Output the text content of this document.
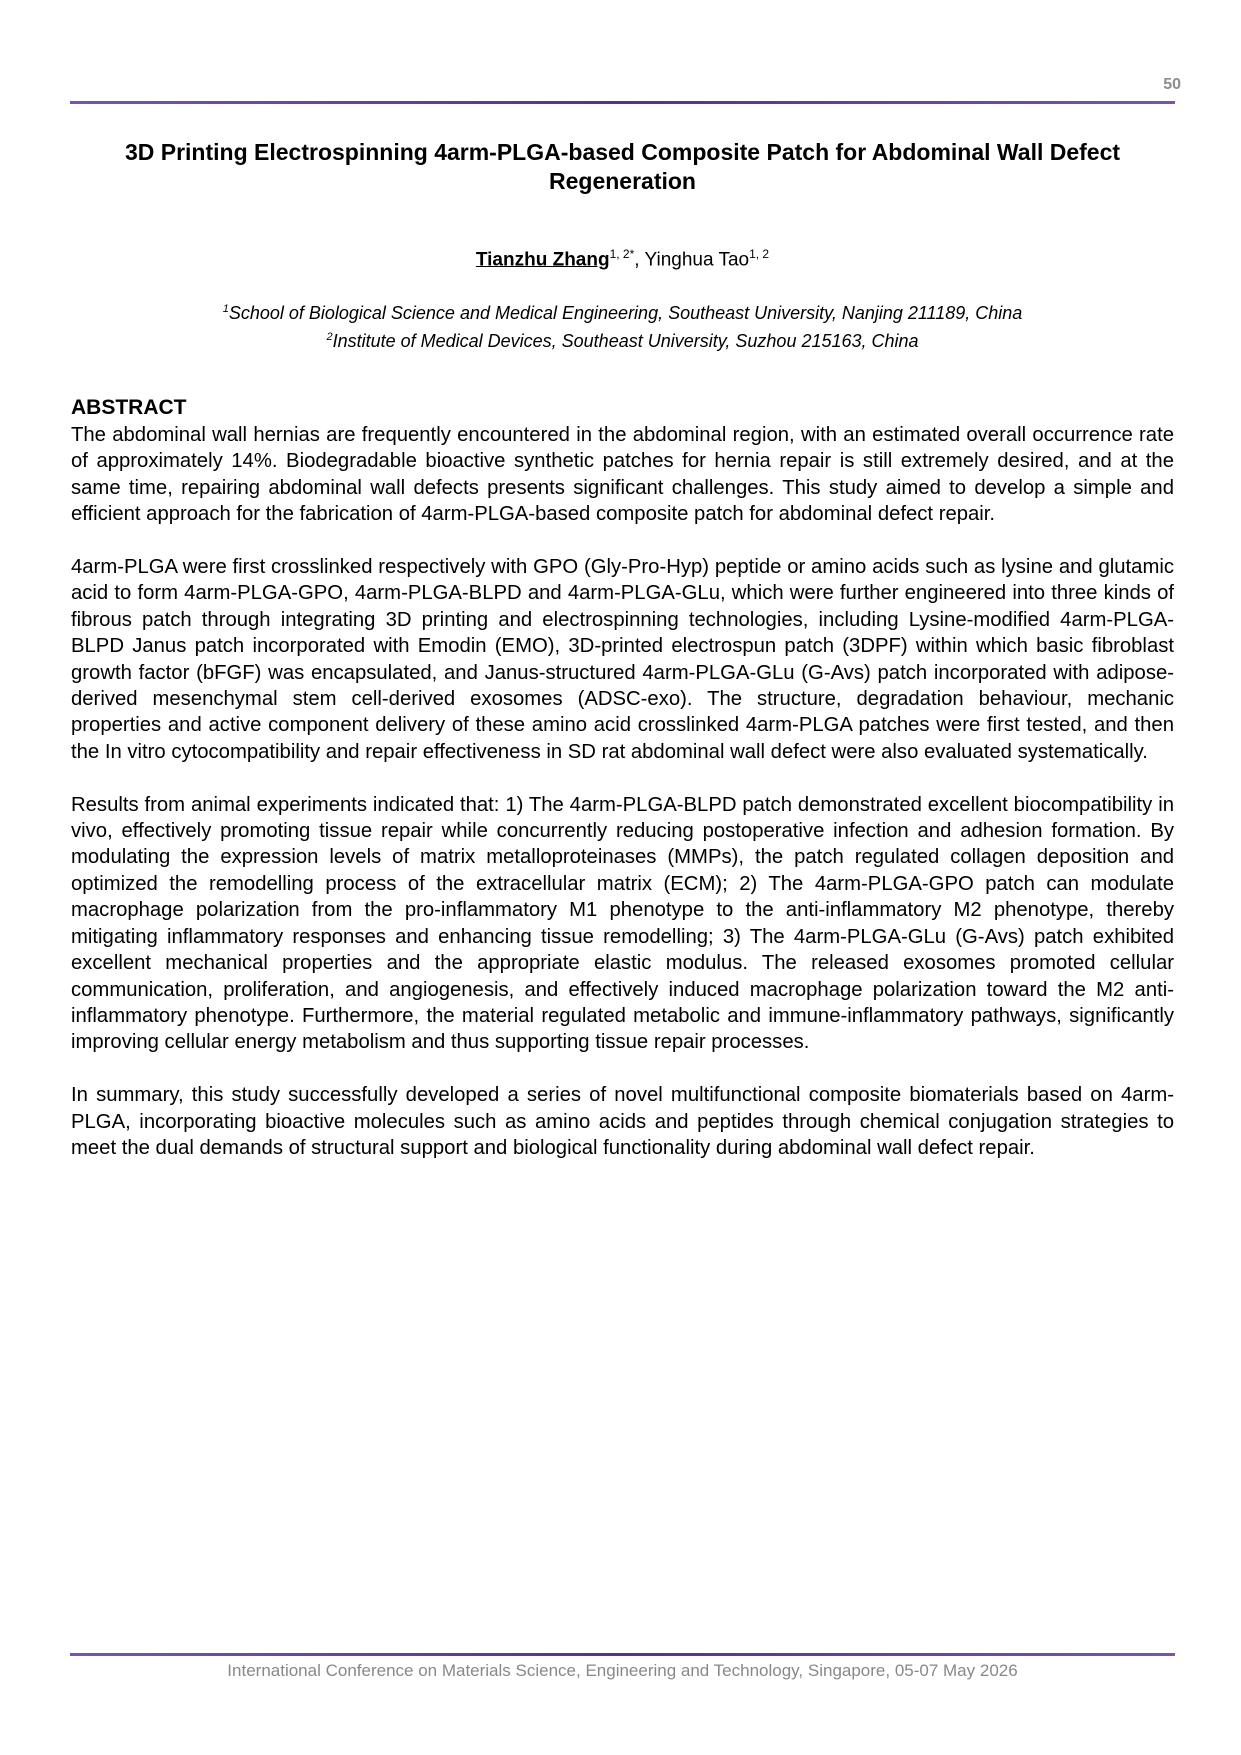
50
3D Printing Electrospinning 4arm-PLGA-based Composite Patch for Abdominal Wall Defect Regeneration
Tianzhu Zhang$^{1, 2*}$, Yinghua Tao$^{1, 2}$
$^1$School of Biological Science and Medical Engineering, Southeast University, Nanjing 211189, China
$^2$Institute of Medical Devices, Southeast University, Suzhou 215163, China
ABSTRACT

The abdominal wall hernias are frequently encountered in the abdominal region, with an estimated overall occurrence rate of approximately 14%. Biodegradable bioactive synthetic patches for hernia repair is still extremely desired, and at the same time, repairing abdominal wall defects presents significant challenges. This study aimed to develop a simple and efficient approach for the fabrication of 4arm-PLGA-based composite patch for abdominal defect repair.

4arm-PLGA were first crosslinked respectively with GPO (Gly-Pro-Hyp) peptide or amino acids such as lysine and glutamic acid to form 4arm-PLGA-GPO, 4arm-PLGA-BLPD and 4arm-PLGA-GLu, which were further engineered into three kinds of fibrous patch through integrating 3D printing and electrospinning technologies, including Lysine-modified 4arm-PLGA-BLPD Janus patch incorporated with Emodin (EMO), 3D-printed electrospun patch (3DPF) within which basic fibroblast growth factor (bFGF) was encapsulated, and Janus-structured 4arm-PLGA-GLu (G-Avs) patch incorporated with adipose-derived mesenchymal stem cell-derived exosomes (ADSC-exo). The structure, degradation behaviour, mechanic properties and active component delivery of these amino acid crosslinked 4arm-PLGA patches were first tested, and then the In vitro cytocompatibility and repair effectiveness in SD rat abdominal wall defect were also evaluated systematically.

Results from animal experiments indicated that: 1) The 4arm-PLGA-BLPD patch demonstrated excellent biocompatibility in vivo, effectively promoting tissue repair while concurrently reducing postoperative infection and adhesion formation. By modulating the expression levels of matrix metalloproteinases (MMPs), the patch regulated collagen deposition and optimized the remodelling process of the extracellular matrix (ECM); 2) The 4arm-PLGA-GPO patch can modulate macrophage polarization from the pro-inflammatory M1 phenotype to the anti-inflammatory M2 phenotype, thereby mitigating inflammatory responses and enhancing tissue remodelling; 3) The 4arm-PLGA-GLu (G-Avs) patch exhibited excellent mechanical properties and the appropriate elastic modulus. The released exosomes promoted cellular communication, proliferation, and angiogenesis, and effectively induced macrophage polarization toward the M2 anti-inflammatory phenotype. Furthermore, the material regulated metabolic and immune-inflammatory pathways, significantly improving cellular energy metabolism and thus supporting tissue repair processes.

In summary, this study successfully developed a series of novel multifunctional composite biomaterials based on 4arm-PLGA, incorporating bioactive molecules such as amino acids and peptides through chemical conjugation strategies to meet the dual demands of structural support and biological functionality during abdominal wall defect repair.

International Conference on Materials Science, Engineering and Technology, Singapore, 05-07 May 2026
